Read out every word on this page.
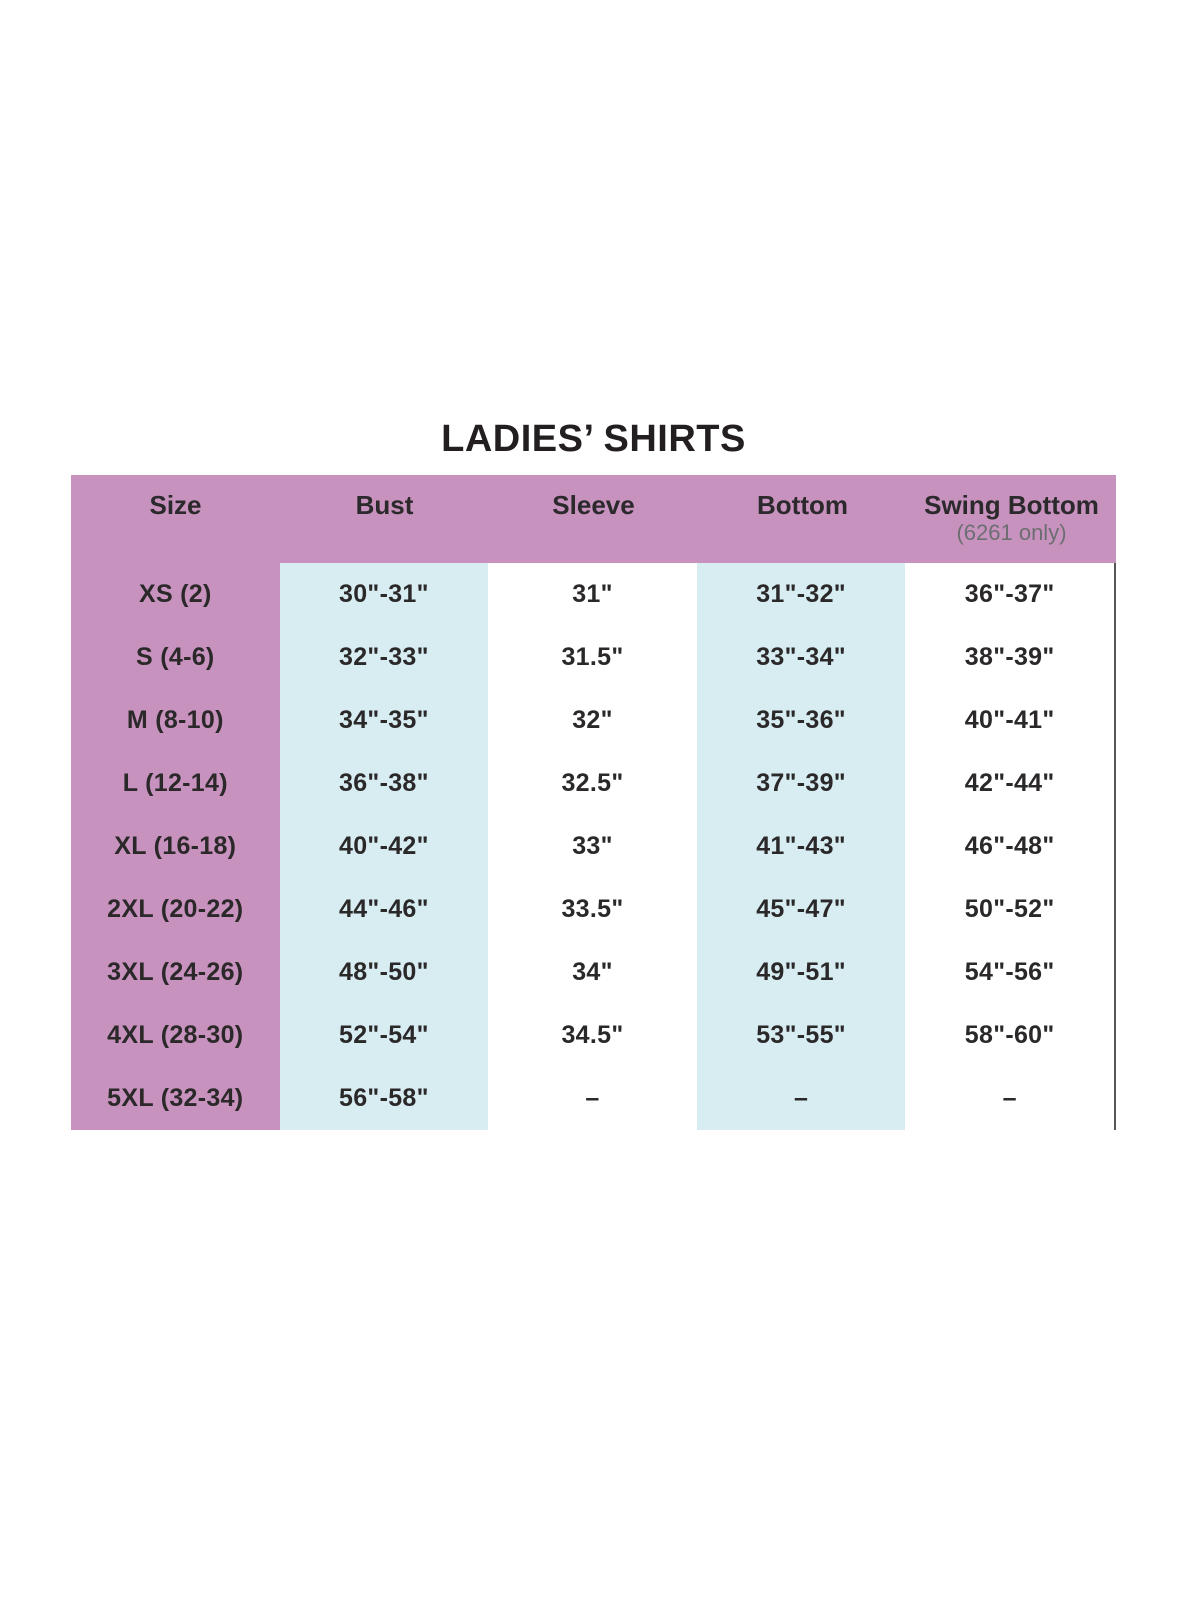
LADIES’ SHIRTS
Size	Bust	Sleeve	Bottom	Swing Bottom
(6261 only)
XS (2)	30"-31"	31"	31"-32"	36"-37"
S (4-6)	32"-33"	31.5"	33"-34"	38"-39"
M (8-10)	34"-35"	32"	35"-36"	40"-41"
L (12-14)	36"-38"	32.5"	37"-39"	42"-44"
XL (16-18)	40"-42"	33"	41"-43"	46"-48"
2XL (20-22)	44"-46"	33.5"	45"-47"	50"-52"
3XL (24-26)	48"-50"	34"	49"-51"	54"-56"
4XL (28-30)	52"-54"	34.5"	53"-55"	58"-60"
5XL (32-34)	56"-58"	–	–	–
